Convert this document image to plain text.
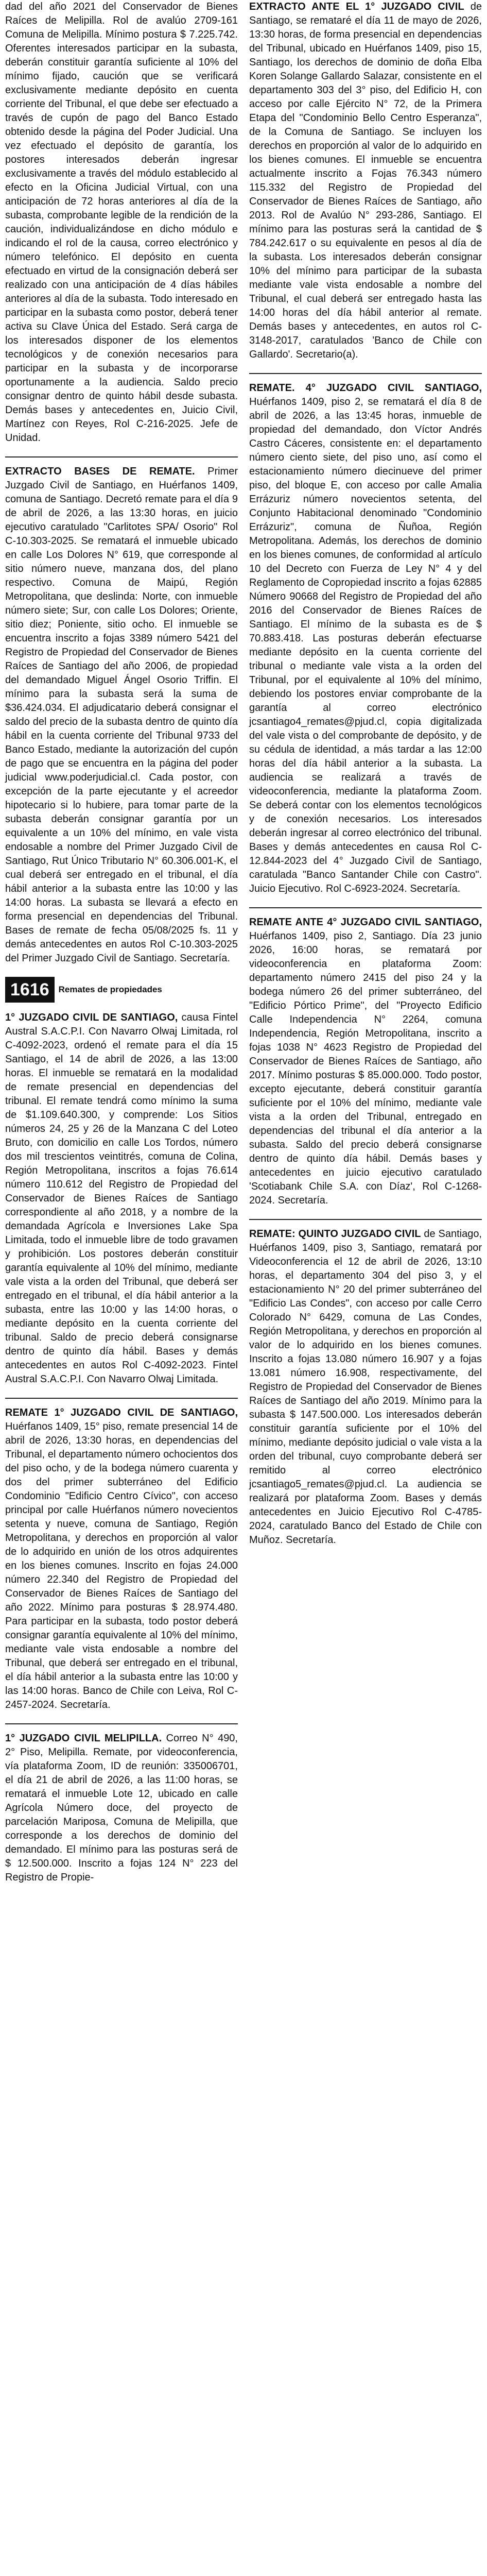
dad del año 2021 del Conservador de Bienes Raíces de Melipilla. Rol de avalúo 2709-161 Comuna de Melipilla. Mínimo postura $ 7.225.742. Oferentes interesados participar en la subasta, deberán constituir garantía suficiente al 10% del mínimo fijado, caución que se verificará exclusivamente mediante depósito en cuenta corriente del Tribunal, el que debe ser efectuado a través de cupón de pago del Banco Estado obtenido desde la página del Poder Judicial. Una vez efectuado el depósito de garantía, los postores interesados deberán ingresar exclusivamente a través del módulo establecido al efecto en la Oficina Judicial Virtual, con una anticipación de 72 horas anteriores al día de la subasta, comprobante legible de la rendición de la caución, individualizándose en dicho módulo e indicando el rol de la causa, correo electrónico y número telefónico. El depósito en cuenta efectuado en virtud de la consignación deberá ser realizado con una anticipación de 4 días hábiles anteriores al día de la subasta. Todo interesado en participar en la subasta como postor, deberá tener activa su Clave Única del Estado. Será carga de los interesados disponer de los elementos tecnológicos y de conexión necesarios para participar en la subasta y de incorporarse oportunamente a la audiencia. Saldo precio consignar dentro de quinto hábil desde subasta. Demás bases y antecedentes en, Juicio Civil, Martínez con Reyes, Rol C-216-2025. Jefe de Unidad.
EXTRACTO BASES DE REMATE. Primer Juzgado Civil de Santiago, en Huérfanos 1409, comuna de Santiago. Decretó remate para el día 9 de abril de 2026, a las 13:30 horas, en juicio ejecutivo caratulado "Carlitotes SPA/ Osorio" Rol C-10.303-2025. Se rematará el inmueble ubicado en calle Los Dolores N° 619, que corresponde al sitio número nueve, manzana dos, del plano respectivo. Comuna de Maipú, Región Metropolitana, que deslinda: Norte, con inmueble número siete; Sur, con calle Los Dolores; Oriente, sitio diez; Poniente, sitio ocho. El inmueble se encuentra inscrito a fojas 3389 número 5421 del Registro de Propiedad del Conservador de Bienes Raíces de Santiago del año 2006, de propiedad del demandado Miguel Ángel Osorio Triffin. El mínimo para la subasta será la suma de $36.424.034. El adjudicatario deberá consignar el saldo del precio de la subasta dentro de quinto día hábil en la cuenta corriente del Tribunal 9733 del Banco Estado, mediante la autorización del cupón de pago que se encuentra en la página del poder judicial www.poderjudicial.cl. Cada postor, con excepción de la parte ejecutante y el acreedor hipotecario si lo hubiere, para tomar parte de la subasta deberán consignar garantía por un equivalente a un 10% del mínimo, en vale vista endosable a nombre del Primer Juzgado Civil de Santiago, Rut Único Tributario N° 60.306.001-K, el cual deberá ser entregado en el tribunal, el día hábil anterior a la subasta entre las 10:00 y las 14:00 horas. La subasta se llevará a efecto en forma presencial en dependencias del Tribunal. Bases de remate de fecha 05/08/2025 fs. 11 y demás antecedentes en autos Rol C-10.303-2025 del Primer Juzgado Civil de Santiago. Secretaría.
1616	Remates de propiedades
1° JUZGADO CIVIL DE SANTIAGO, causa Fintel Austral S.A.C.P.I. Con Navarro Olwaj Limitada, rol C-4092-2023, ordenó el remate para el día 15 Santiago, el 14 de abril de 2026, a las 13:00 horas. El inmueble se rematará en la modalidad de remate presencial en dependencias del tribunal. El remate tendrá como mínimo la suma de $1.109.640.300, y comprende: Los Sitios números 24, 25 y 26 de la Manzana C del Loteo Bruto, con domicilio en calle Los Tordos, número dos mil trescientos veintitrés, comuna de Colina, Región Metropolitana, inscritos a fojas 76.614 número 110.612 del Registro de Propiedad del Conservador de Bienes Raíces de Santiago correspondiente al año 2018, y a nombre de la demandada Agrícola e Inversiones Lake Spa Limitada, todo el inmueble libre de todo gravamen y prohibición. Los postores deberán constituir garantía equivalente al 10% del mínimo, mediante vale vista a la orden del Tribunal, que deberá ser entregado en el tribunal, el día hábil anterior a la subasta, entre las 10:00 y las 14:00 horas, o mediante depósito en la cuenta corriente del tribunal. Saldo de precio deberá consignarse dentro de quinto día hábil. Bases y demás antecedentes en autos Rol C-4092-2023. Fintel Austral S.A.C.P.I. Con Navarro Olwaj Limitada.
REMATE 1° JUZGADO CIVIL DE SANTIAGO, Huérfanos 1409, 15° piso, remate presencial 14 de abril de 2026, 13:30 horas, en dependencias del Tribunal, el departamento número ochocientos dos del piso ocho, y de la bodega número cuarenta y dos del primer subterráneo del Edificio Condominio "Edificio Centro Cívico", con acceso principal por calle Huérfanos número novecientos setenta y nueve, comuna de Santiago, Región Metropolitana, y derechos en proporción al valor de lo adquirido en unión de los otros adquirentes en los bienes comunes. Inscrito en fojas 24.000 número 22.340 del Registro de Propiedad del Conservador de Bienes Raíces de Santiago del año 2022. Mínimo para posturas $ 28.974.480. Para participar en la subasta, todo postor deberá consignar garantía equivalente al 10% del mínimo, mediante vale vista endosable a nombre del Tribunal, que deberá ser entregado en el tribunal, el día hábil anterior a la subasta entre las 10:00 y las 14:00 horas. Banco de Chile con Leiva, Rol C-2457-2024. Secretaría.
1° JUZGADO CIVIL MELIPILLA. Correo N° 490, 2° Piso, Melipilla. Remate, por videoconferencia, vía plataforma Zoom, ID de reunión: 335006701, el día 21 de abril de 2026, a las 11:00 horas, se rematará el inmueble Lote 12, ubicado en calle Agrícola Número doce, del proyecto de parcelación Mariposa, Comuna de Melipilla, que corresponde a los derechos de dominio del demandado. El mínimo para las posturas será de $ 12.500.000. Inscrito a fojas 124 N° 223 del Registro de Propie-
EXTRACTO ANTE EL 1° JUZGADO CIVIL de Santiago, se remataré el día 11 de mayo de 2026, 13:30 horas, de forma presencial en dependencias del Tribunal, ubicado en Huérfanos 1409, piso 15, Santiago, los derechos de dominio de doña Elba Koren Solange Gallardo Salazar, consistente en el departamento 303 del 3° piso, del Edificio H, con acceso por calle Ejército N° 72, de la Primera Etapa del "Condominio Bello Centro Esperanza", de la Comuna de Santiago. Se incluyen los derechos en proporción al valor de lo adquirido en los bienes comunes. El inmueble se encuentra actualmente inscrito a Fojas 76.343 número 115.332 del Registro de Propiedad del Conservador de Bienes Raíces de Santiago, año 2013. Rol de Avalúo N° 293-286, Santiago. El mínimo para las posturas será la cantidad de $ 784.242.617 o su equivalente en pesos al día de la subasta. Los interesados deberán consignar 10% del mínimo para participar de la subasta mediante vale vista endosable a nombre del Tribunal, el cual deberá ser entregado hasta las 14:00 horas del día hábil anterior al remate. Demás bases y antecedentes, en autos rol C-3148-2017, caratulados 'Banco de Chile con Gallardo'. Secretario(a).
REMATE. 4° JUZGADO CIVIL SANTIAGO, Huérfanos 1409, piso 2, se rematará el día 8 de abril de 2026, a las 13:45 horas, inmueble de propiedad del demandado, don Víctor Andrés Castro Cáceres, consistente en: el departamento número ciento siete, del piso uno, así como el estacionamiento número diecinueve del primer piso, del bloque E, con acceso por calle Amalia Errázuriz número novecientos setenta, del Conjunto Habitacional denominado "Condominio Errázuriz", comuna de Ñuñoa, Región Metropolitana. Además, los derechos de dominio en los bienes comunes, de conformidad al artículo 10 del Decreto con Fuerza de Ley N° 4 y del Reglamento de Copropiedad inscrito a fojas 62885 Número 90668 del Registro de Propiedad del año 2016 del Conservador de Bienes Raíces de Santiago. El mínimo de la subasta es de $ 70.883.418. Las posturas deberán efectuarse mediante depósito en la cuenta corriente del tribunal o mediante vale vista a la orden del Tribunal, por el equivalente al 10% del mínimo, debiendo los postores enviar comprobante de la garantía al correo electrónico jcsantiago4_remates@pjud.cl, copia digitalizada del vale vista o del comprobante de depósito, y de su cédula de identidad, a más tardar a las 12:00 horas del día hábil anterior a la subasta. La audiencia se realizará a través de videoconferencia, mediante la plataforma Zoom. Se deberá contar con los elementos tecnológicos y de conexión necesarios. Los interesados deberán ingresar al correo electrónico del tribunal. Bases y demás antecedentes en causa Rol C-12.844-2023 del 4° Juzgado Civil de Santiago, caratulada "Banco Santander Chile con Castro". Juicio Ejecutivo. Rol C-6923-2024. Secretaría.
REMATE ANTE 4° JUZGADO CIVIL SANTIAGO, Huérfanos 1409, piso 2, Santiago. Día 23 junio 2026, 16:00 horas, se rematará por videoconferencia en plataforma Zoom: departamento número 2415 del piso 24 y la bodega número 26 del primer subterráneo, del "Edificio Pórtico Prime", del "Proyecto Edificio Calle Independencia N° 2264, comuna Independencia, Región Metropolitana, inscrito a fojas 1038 N° 4623 Registro de Propiedad del Conservador de Bienes Raíces de Santiago, año 2017. Mínimo posturas $ 85.000.000. Todo postor, excepto ejecutante, deberá constituir garantía suficiente por el 10% del mínimo, mediante vale vista a la orden del Tribunal, entregado en dependencias del tribunal el día anterior a la subasta. Saldo del precio deberá consignarse dentro de quinto día hábil. Demás bases y antecedentes en juicio ejecutivo caratulado 'Scotiabank Chile S.A. con Díaz', Rol C-1268-2024. Secretaría.
REMATE: QUINTO JUZGADO CIVIL de Santiago, Huérfanos 1409, piso 3, Santiago, rematará por Videoconferencia el 12 de abril de 2026, 13:10 horas, el departamento 304 del piso 3, y el estacionamiento N° 20 del primer subterráneo del "Edificio Las Condes", con acceso por calle Cerro Colorado N° 6429, comuna de Las Condes, Región Metropolitana, y derechos en proporción al valor de lo adquirido en los bienes comunes. Inscrito a fojas 13.080 número 16.907 y a fojas 13.081 número 16.908, respectivamente, del Registro de Propiedad del Conservador de Bienes Raíces de Santiago del año 2019. Mínimo para la subasta $ 147.500.000. Los interesados deberán constituir garantía suficiente por el 10% del mínimo, mediante depósito judicial o vale vista a la orden del tribunal, cuyo comprobante deberá ser remitido al correo electrónico jcsantiago5_remates@pjud.cl. La audiencia se realizará por plataforma Zoom. Bases y demás antecedentes en Juicio Ejecutivo Rol C-4785-2024, caratulado Banco del Estado de Chile con Muñoz. Secretaría.
